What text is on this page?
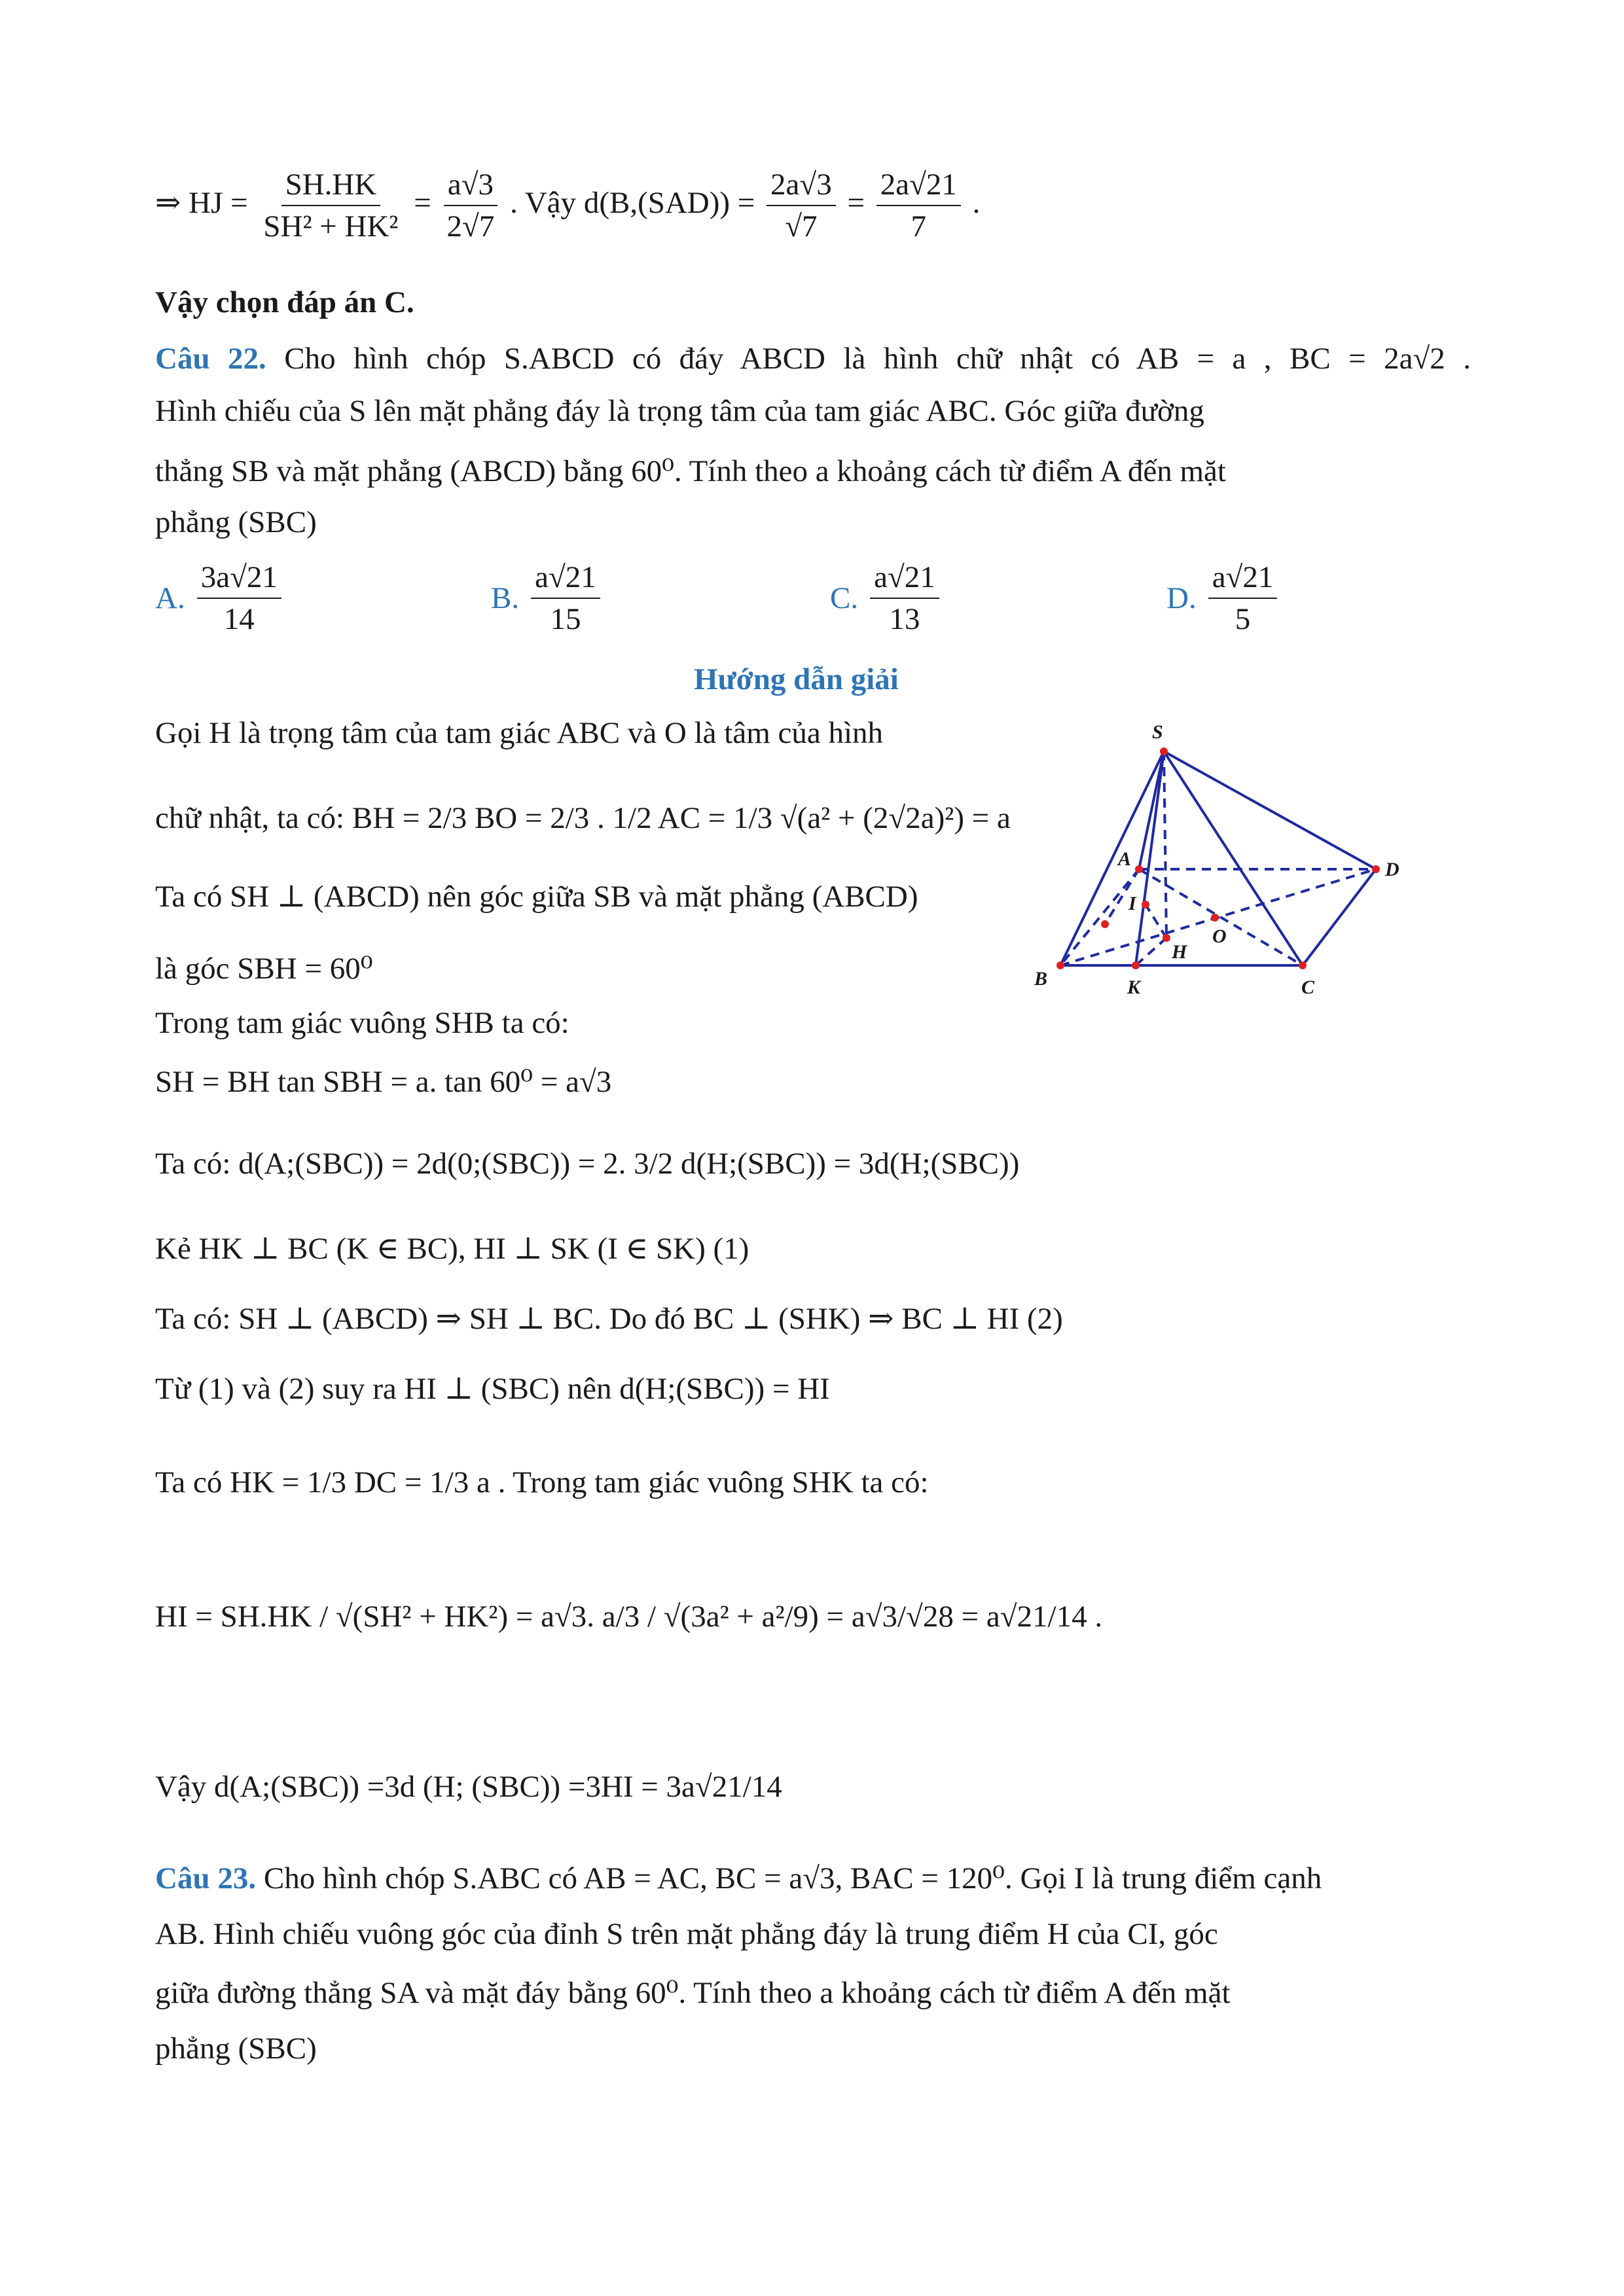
⇒ HJ = $\frac{SH.HK}{\text{SH² + HK²}} = \frac{a√3}{2√7}$ . Vậy $d(B,(SAD)) = \frac{2a√3}{√7} = \frac{2a√21}{7}$ .
Vậy chọn đáp án C.
Câu 22. Cho hình chóp S.ABCD có đáy ABCD là hình chữ nhật có AB = a , BC = 2a√2 .
Hình chiếu của S lên mặt phẳng đáy là trọng tâm của tam giác ABC. Góc giữa đường
thẳng SB và mặt phẳng (ABCD) bằng 60⁰. Tính theo a khoảng cách từ điểm A đến mặt
phẳng (SBC)
A. $\frac{3a√21}{14}$	B. $\frac{a√21}{15}$	C. $\frac{a√21}{13}$	D. $\frac{a√21}{5}$
Hướng dẫn giải
Gọi H là trọng tâm của tam giác ABC và O là tâm của hình
chữ nhật, ta có: BH = 2/3 BO = 2/3 . 1/2 AC = 1/3 √(a² + (2√2a)²) = a
Ta có SH ⊥ (ABCD) nên góc giữa SB và mặt phẳng (ABCD)
là góc SBH = 60⁰
Trong tam giác vuông SHB ta có:
SH = BH tan SBH = a. tan 60⁰ = a√3
Ta có: d(A;(SBC)) = 2d(0;(SBC)) = 2. 3/2 d(H;(SBC)) = 3d(H;(SBC))
Kẻ HK ⊥ BC (K ∈ BC), HI ⊥ SK (I ∈ SK) (1)
Ta có: SH ⊥ (ABCD) ⇒ SH ⊥ BC. Do đó BC ⊥ (SHK) ⇒ BC ⊥ HI (2)
Từ (1) và (2) suy ra HI ⊥ (SBC) nên d(H;(SBC)) = HI
Ta có HK = 1/3 DC = 1/3 a . Trong tam giác vuông SHK ta có:
HI = SH.HK / √(SH² + HK²) = a√3. a/3 / √(3a² + a²/9) = a√3/√28 = a√21/14 .
Vậy d(A;(SBC)) =3d (H; (SBC)) =3HI = 3a√21/14
Câu 23. Cho hình chóp S.ABC có AB = AC, BC = a√3, BAC = 120⁰. Gọi I là trung điểm cạnh
AB. Hình chiếu vuông góc của đỉnh S trên mặt phẳng đáy là trung điểm H của CI, góc
giữa đường thẳng SA và mặt đáy bằng 60⁰. Tính theo a khoảng cách từ điểm A đến mặt
phẳng (SBC)
S
A	D
I
O
H
B	K	C
